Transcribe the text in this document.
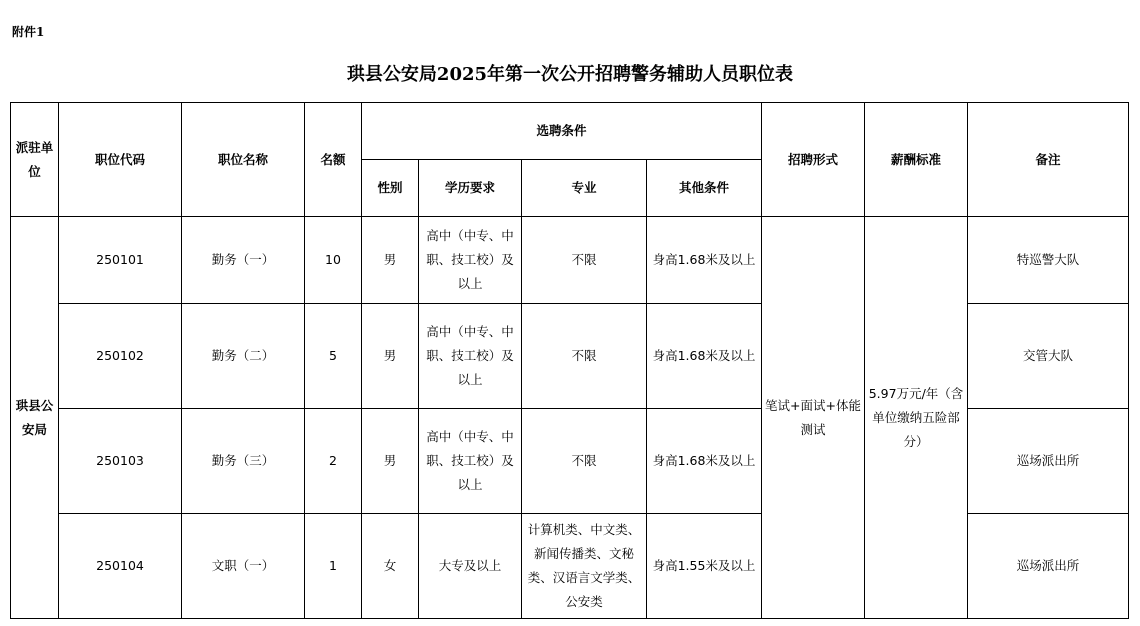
附件1
珙县公安局2025年第一次公开招聘警务辅助人员职位表
派驻单位	职位代码	职位名称	名额	选聘条件				招聘形式	薪酬标准	备注
				性别	学历要求	专业	其他条件			
珙县公安局	250101	勤务（一）	10	男	高中（中专、中职、技工校）及以上	不限	身高1.68米及以上	笔试+面试+体能测试	5.97万元/年（含单位缴纳五险部分）	特巡警大队
	250102	勤务（二）	5	男	高中（中专、中职、技工校）及以上	不限	身高1.68米及以上			交管大队
	250103	勤务（三）	2	男	高中（中专、中职、技工校）及以上	不限	身高1.68米及以上			巡场派出所
	250104	文职（一）	1	女	大专及以上	计算机类、中文类、新闻传播类、文秘类、汉语言文学类、公安类	身高1.55米及以上			巡场派出所
